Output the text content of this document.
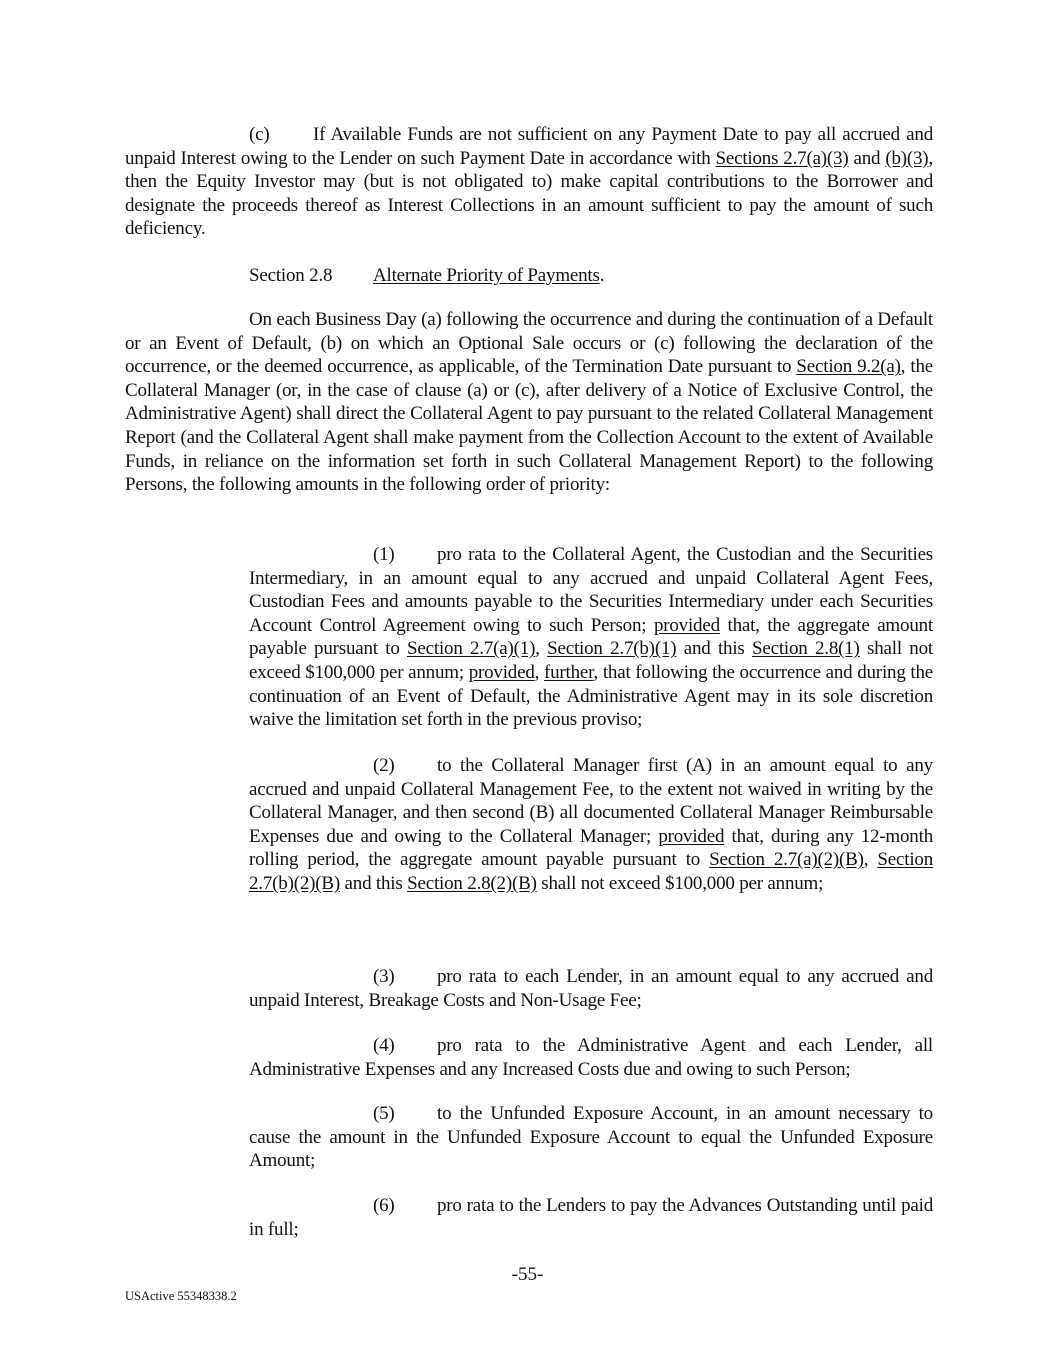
Section 2.8 Alternate Priority of Payments.
-55-
USActive 55348338.2
(c) If Available Funds are not sufficient on any Payment Date to pay all accrued and unpaid Interest owing to the Lender on such Payment Date in accordance with Sections 2.7(a)(3) and (b)(3), then the Equity Investor may (but is not obligated to) make capital contributions to the Borrower and designate the proceeds thereof as Interest Collections in an amount sufficient to pay the amount of such deficiency.
On each Business Day (a) following the occurrence and during the continuation of a Default or an Event of Default, (b) on which an Optional Sale occurs or (c) following the declaration of the occurrence, or the deemed occurrence, as applicable, of the Termination Date pursuant to Section 9.2(a), the Collateral Manager (or, in the case of clause (a) or (c), after delivery of a Notice of Exclusive Control, the Administrative Agent) shall direct the Collateral Agent to pay pursuant to the related Collateral Management Report (and the Collateral Agent shall make payment from the Collection Account to the extent of Available Funds, in reliance on the information set forth in such Collateral Management Report) to the following Persons, the following amounts in the following order of priority:
(1) pro rata to the Collateral Agent, the Custodian and the Securities Intermediary, in an amount equal to any accrued and unpaid Collateral Agent Fees, Custodian Fees and amounts payable to the Securities Intermediary under each Securities Account Control Agreement owing to such Person; provided that, the aggregate amount payable pursuant to Section 2.7(a)(1), Section 2.7(b)(1) and this Section 2.8(1) shall not exceed $100,000 per annum; provided, further, that following the occurrence and during the continuation of an Event of Default, the Administrative Agent may in its sole discretion waive the limitation set forth in the previous proviso;
(2) to the Collateral Manager first (A) in an amount equal to any accrued and unpaid Collateral Management Fee, to the extent not waived in writing by the Collateral Manager, and then second (B) all documented Collateral Manager Reimbursable Expenses due and owing to the Collateral Manager; provided that, during any 12-month rolling period, the aggregate amount payable pursuant to Section 2.7(a)(2)(B), Section 2.7(b)(2)(B) and this Section 2.8(2)(B) shall not exceed $100,000 per annum;
(3) pro rata to each Lender, in an amount equal to any accrued and unpaid Interest, Breakage Costs and Non-Usage Fee;
(4) pro rata to the Administrative Agent and each Lender, all Administrative Expenses and any Increased Costs due and owing to such Person;
(5) to the Unfunded Exposure Account, in an amount necessary to cause the amount in the Unfunded Exposure Account to equal the Unfunded Exposure Amount;
(6) pro rata to the Lenders to pay the Advances Outstanding until paid in full;
